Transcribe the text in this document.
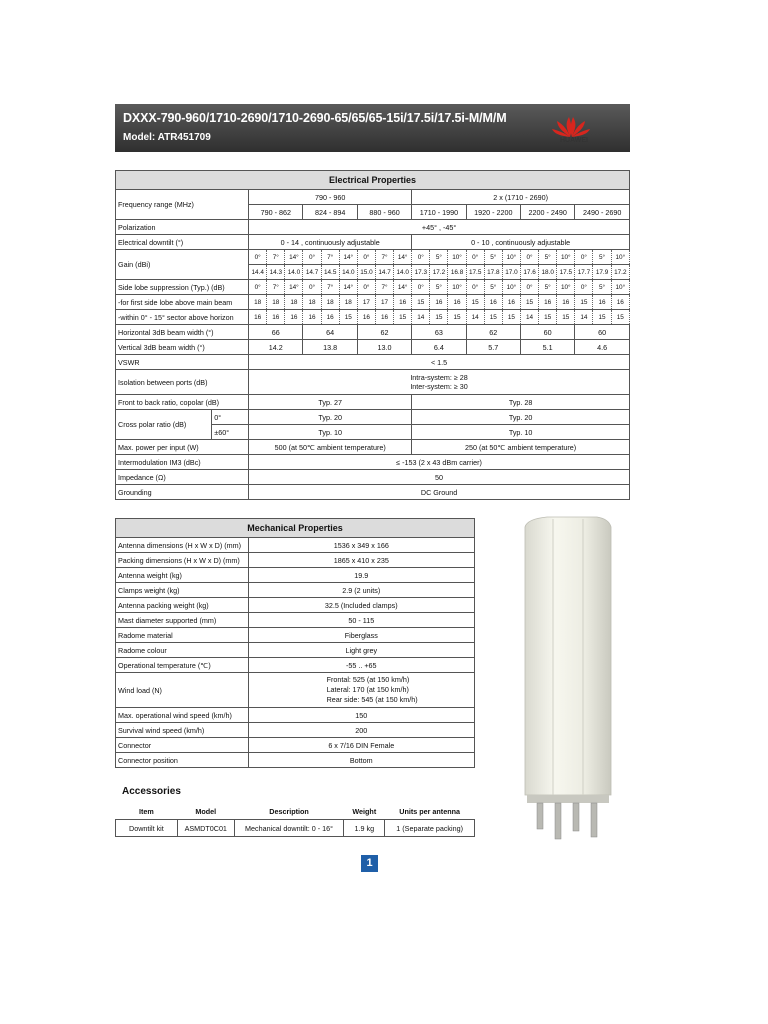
DXXX-790-960/1710-2690/1710-2690-65/65/65-15i/17.5i/17.5i-M/M/M
Model: ATR451709	HUAWEI
Electrical Properties																						
Frequency range (MHz)		790 - 960									2 x (1710 - 2690)											
		790 - 862			824 - 894			880 - 960			1710 - 1990			1920 - 2200			2200 - 2490			2490 - 2690		
Polarization		+45° , -45°																				
Electrical downtilt (°)		0 - 14 , continuously adjustable									0 - 10 , continuously adjustable											
Gain (dBi)		0°	7°	14°	0°	7°	14°	0°	7°	14°	0°	5°	10°	0°	5°	10°	0°	5°	10°	0°	5°	10°
		14.4	14.3	14.0	14.7	14.5	14.0	15.0	14.7	14.0	17.3	17.2	16.8	17.5	17.8	17.0	17.6	18.0	17.5	17.7	17.9	17.2
Side lobe suppression (Typ.) (dB)		0°	7°	14°	0°	7°	14°	0°	7°	14°	0°	5°	10°	0°	5°	10°	0°	5°	10°	0°	5°	10°
-for first side lobe above main beam		18	18	18	18	18	18	17	17	16	15	16	16	15	16	16	15	16	16	15	16	16
-within 0° - 15° sector above horizon		16	16	16	16	16	15	16	16	15	14	15	15	14	15	15	14	15	15	14	15	15
Horizontal 3dB beam width (°)		66			64			62			63			62			60			60		
Vertical 3dB beam width (°)		14.2			13.8			13.0			6.4			5.7			5.1			4.6		
VSWR		< 1.5																				
Isolation between ports (dB)		Intra-system: ≥ 28
Inter-system: ≥ 30																				

Front to back ratio, copolar (dB)		Typ. 27									Typ. 28											
Cross polar ratio (dB)	0°	Typ. 20									Typ. 20											
	±60°	Typ. 10									Typ. 10											
Max. power per input (W)		500 (at 50℃ ambient temperature)									250 (at 50℃ ambient temperature)											
Intermodulation IM3 (dBc)		≤ -153 (2 x 43 dBm carrier)																				
Impedance (Ω)		50																				
Grounding		DC Ground																				
Mechanical Properties	
Antenna dimensions (H x W x D) (mm)	1536 x 349 x 166
Packing dimensions (H x W x D) (mm)	1865 x 410 x 235
Antenna weight (kg)	19.9
Clamps weight (kg)	2.9 (2 units)
Antenna packing weight (kg)	32.5 (Included clamps)
Mast diameter supported (mm)	50 - 115
Radome material	Fiberglass
Radome colour	Light grey
Operational temperature (℃)	-55 .. +65
Wind load (N)	Frontal: 525 (at 150 km/h)
Lateral: 170 (at 150 km/h)
Rear side: 545 (at 150 km/h)

Max. operational wind speed (km/h)	150
Survival wind speed (km/h)	200
Connector	6 x 7/16 DIN Female
Connector position	Bottom
Accessories
Item	Model	Description	Weight	Units per antenna
Downtilt kit	ASMDT0C01	Mechanical downtilt: 0 - 16°	1.9 kg	1 (Separate packing)
1
